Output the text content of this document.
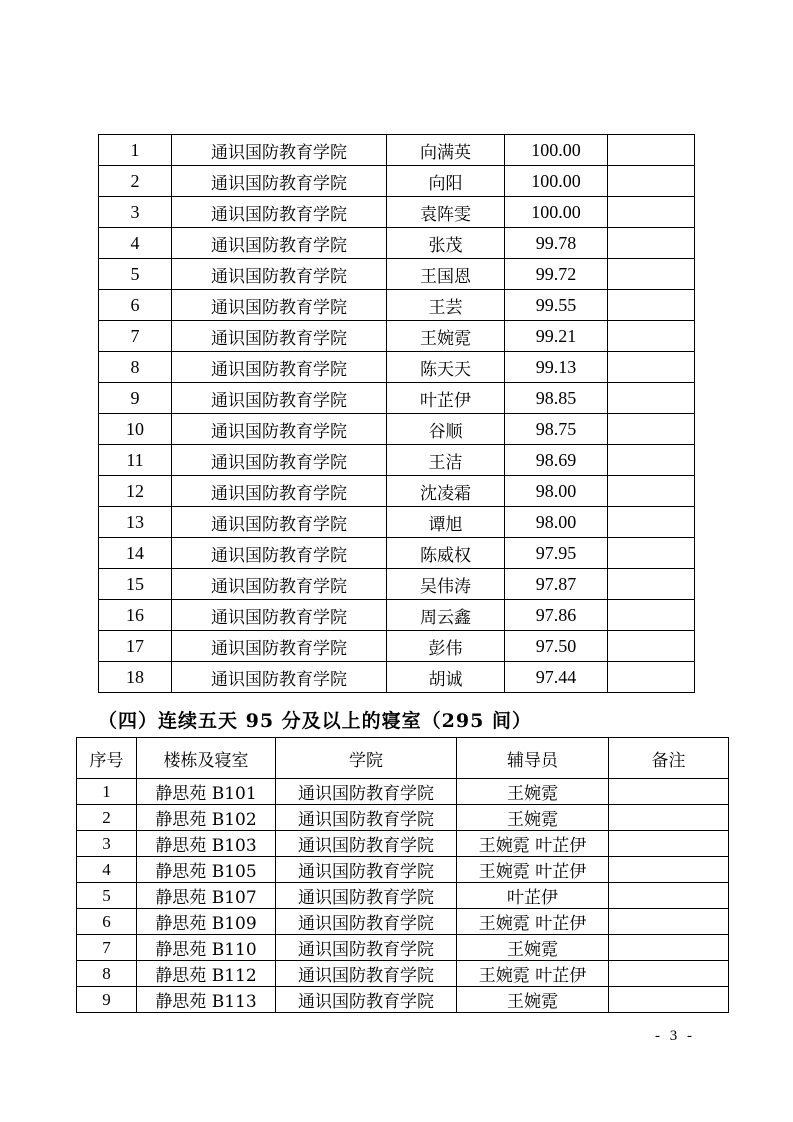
1	通识国防教育学院	向满英	100.00	
2	通识国防教育学院	向阳	100.00	
3	通识国防教育学院	袁阵雯	100.00	
4	通识国防教育学院	张茂	99.78	
5	通识国防教育学院	王国恩	99.72	
6	通识国防教育学院	王芸	99.55	
7	通识国防教育学院	王婉霓	99.21	
8	通识国防教育学院	陈天天	99.13	
9	通识国防教育学院	叶芷伊	98.85	
10	通识国防教育学院	谷顺	98.75	
11	通识国防教育学院	王洁	98.69	
12	通识国防教育学院	沈凌霜	98.00	
13	通识国防教育学院	谭旭	98.00	
14	通识国防教育学院	陈威权	97.95	
15	通识国防教育学院	吴伟涛	97.87	
16	通识国防教育学院	周云鑫	97.86	
17	通识国防教育学院	彭伟	97.50	
18	通识国防教育学院	胡诚	97.44	
（四）连续五天 95 分及以上的寝室（295 间）
序号	楼栋及寝室	学院	辅导员	备注
1	静思苑 B101	通识国防教育学院	王婉霓	
2	静思苑 B102	通识国防教育学院	王婉霓	
3	静思苑 B103	通识国防教育学院	王婉霓 叶芷伊	
4	静思苑 B105	通识国防教育学院	王婉霓 叶芷伊	
5	静思苑 B107	通识国防教育学院	叶芷伊	
6	静思苑 B109	通识国防教育学院	王婉霓 叶芷伊	
7	静思苑 B110	通识国防教育学院	王婉霓	
8	静思苑 B112	通识国防教育学院	王婉霓 叶芷伊	
9	静思苑 B113	通识国防教育学院	王婉霓	
- 3 -
